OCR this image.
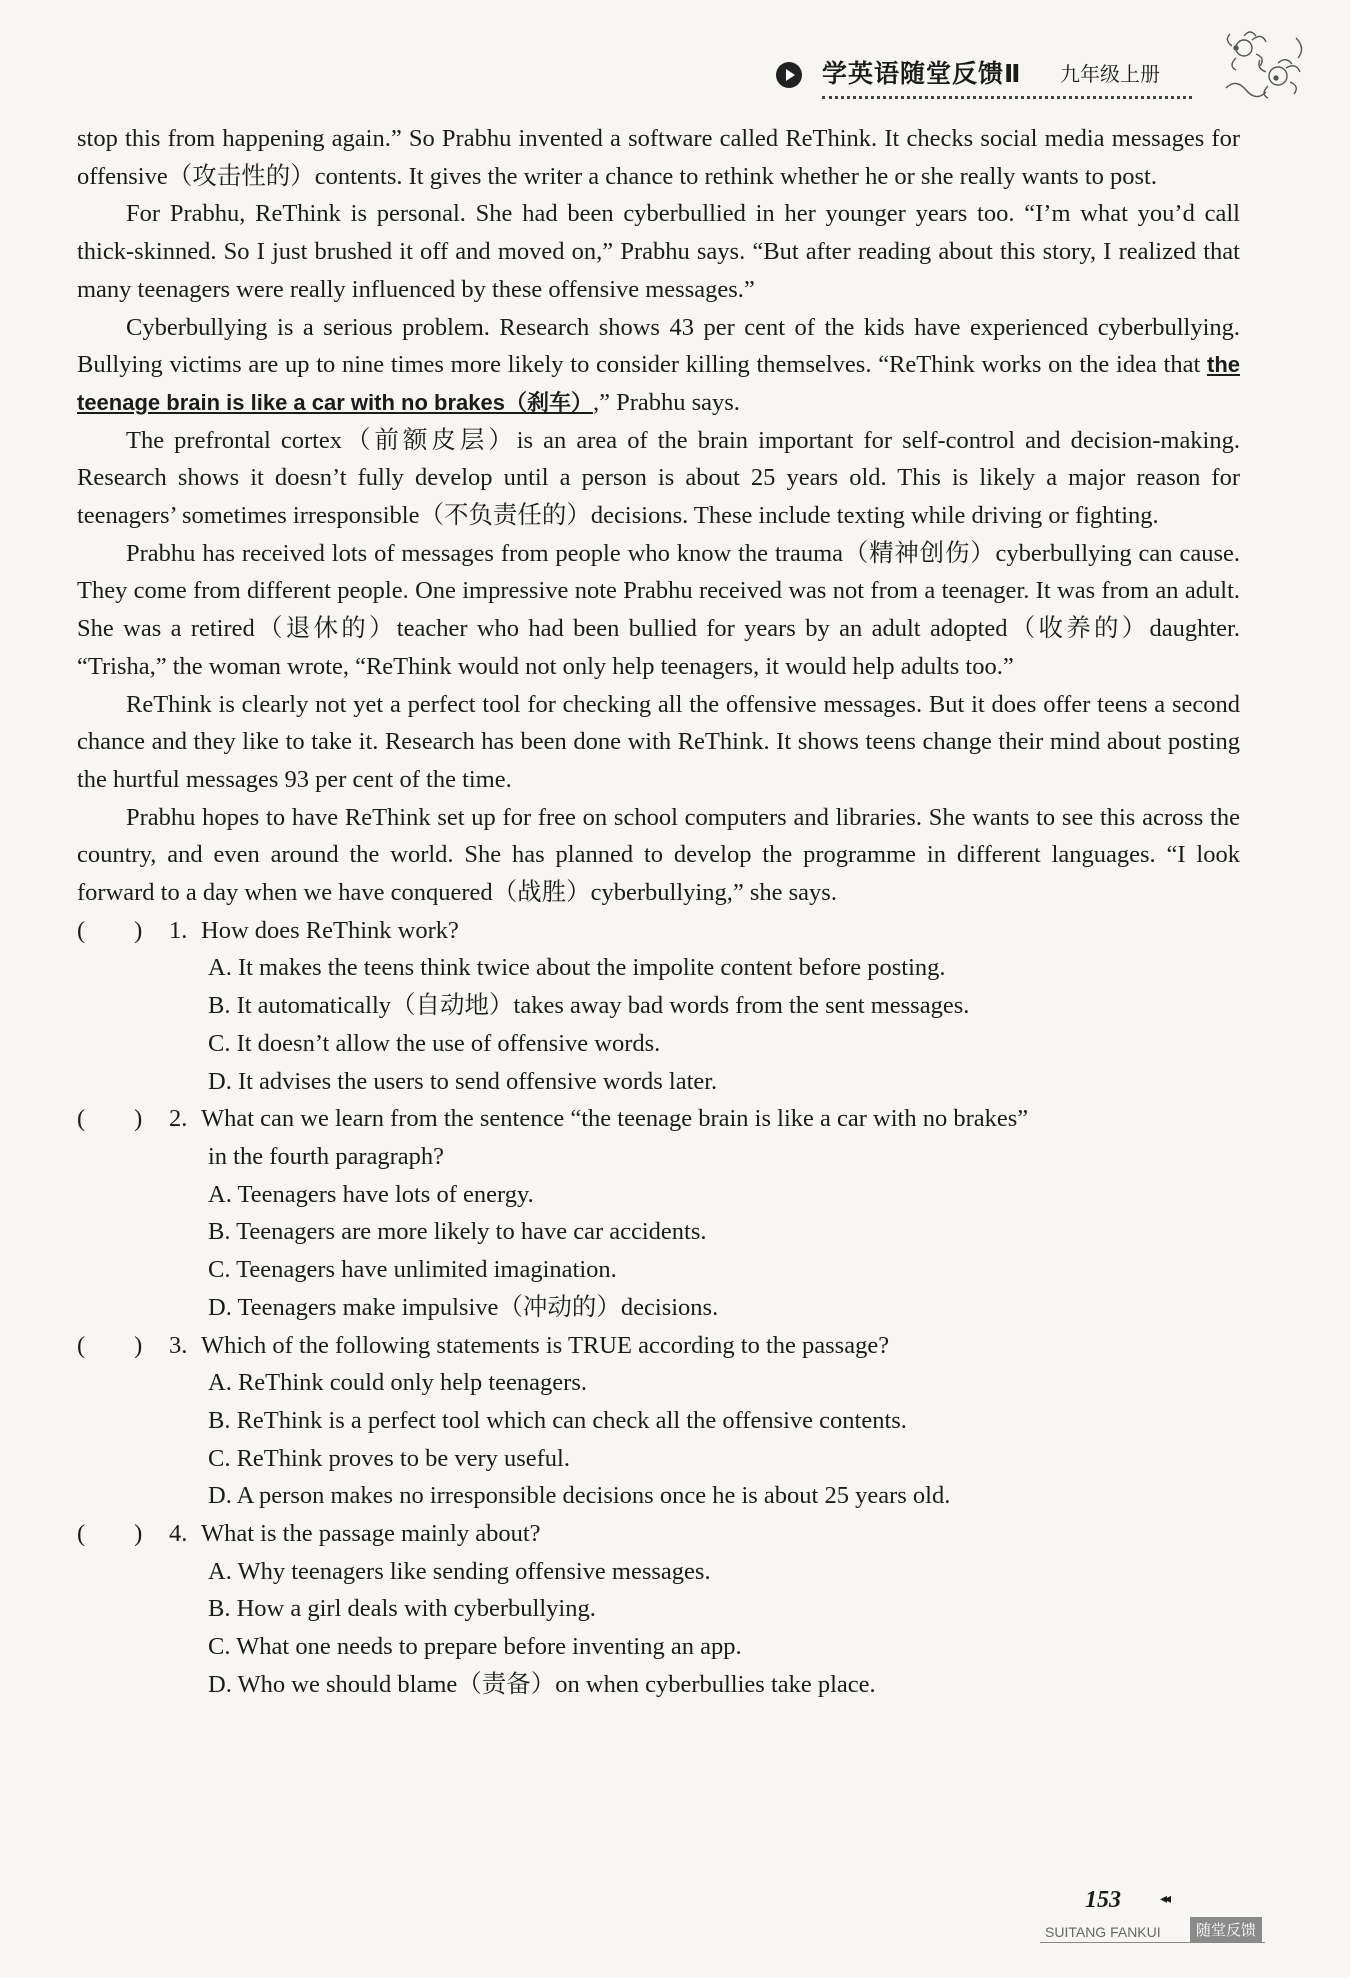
学英语随堂反馈Ⅱ 九年级上册

stop this from happening again.” So Prabhu invented a software called ReThink. It checks social media messages for offensive（攻击性的）contents. It gives the writer a chance to rethink whether he or she really wants to post.

For Prabhu, ReThink is personal. She had been cyberbullied in her younger years too. “I’m what you’d call thick-skinned. So I just brushed it off and moved on,” Prabhu says. “But after reading about this story, I realized that many teenagers were really influenced by these offensive messages.”

Cyberbullying is a serious problem. Research shows 43 per cent of the kids have experienced cyberbullying. Bullying victims are up to nine times more likely to consider killing themselves. “ReThink works on the idea that the teenage brain is like a car with no brakes（刹车）,” Prabhu says.

The prefrontal cortex（前额皮层）is an area of the brain important for self-control and decision-making. Research shows it doesn’t fully develop until a person is about 25 years old. This is likely a major reason for teenagers’ sometimes irresponsible（不负责任的）decisions. These include texting while driving or fighting.

Prabhu has received lots of messages from people who know the trauma（精神创伤）cyberbullying can cause. They come from different people. One impressive note Prabhu received was not from a teenager. It was from an adult. She was a retired（退休的）teacher who had been bullied for years by an adult adopted（收养的）daughter. “Trisha,” the woman wrote, “ReThink would not only help teenagers, it would help adults too.”

ReThink is clearly not yet a perfect tool for checking all the offensive messages. But it does offer teens a second chance and they like to take it. Research has been done with ReThink. It shows teens change their mind about posting the hurtful messages 93 per cent of the time.

Prabhu hopes to have ReThink set up for free on school computers and libraries. She wants to see this across the country, and even around the world. She has planned to develop the programme in different languages. “I look forward to a day when we have conquered（战胜）cyberbullying,” she says.

(　　) 1. How does ReThink work?
A. It makes the teens think twice about the impolite content before posting.
B. It automatically（自动地）takes away bad words from the sent messages.
C. It doesn’t allow the use of offensive words.
D. It advises the users to send offensive words later.
(　　) 2. What can we learn from the sentence “the teenage brain is like a car with no brakes”
in the fourth paragraph?
A. Teenagers have lots of energy.
B. Teenagers are more likely to have car accidents.
C. Teenagers have unlimited imagination.
D. Teenagers make impulsive（冲动的）decisions.
(　　) 3. Which of the following statements is TRUE according to the passage?
A. ReThink could only help teenagers.
B. ReThink is a perfect tool which can check all the offensive contents.
C. ReThink proves to be very useful.
D. A person makes no irresponsible decisions once he is about 25 years old.
(　　) 4. What is the passage mainly about?
A. Why teenagers like sending offensive messages.
B. How a girl deals with cyberbullying.
C. What one needs to prepare before inventing an app.
D. Who we should blame（责备）on when cyberbullies take place.
153	◂◂
SUITANG FANKUI	随堂反馈
